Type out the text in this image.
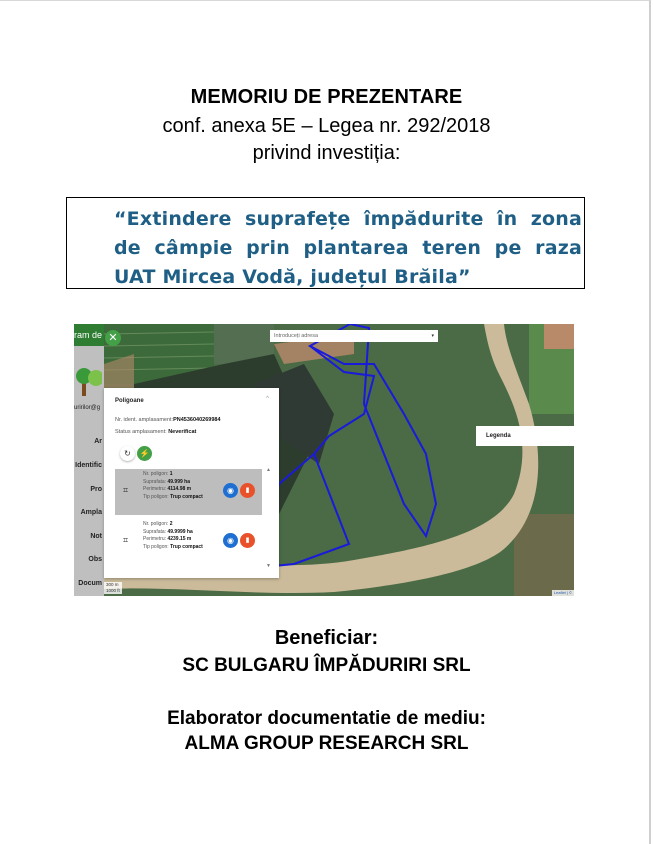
MEMORIU DE PREZENTARE
conf. anexa 5E – Legea nr. 292/2018
privind investiția:
“Extindere suprafețe împădurite în zona de câmpie prin plantarea teren pe raza UAT Mircea Vodă, județul Brăila”
ram de
uririlor@g
Ar
Identific
Pro
Ampla
Not
Obs
Docum
✕	Introduceți adresa	▾
Legenda
Poligoane	^
Nr. ident. amplasament:PN4536040269984
Status amplasament: Neverificat
↻	⚡
▲
⌗
Nr. poligon: 1
Suprafata: 49.999 ha
Perimetru: 4114.98 m
Tip poligon: Trup compact
◉	▮
⌗
Nr. poligon: 2
Suprafata: 49.9999 ha
Perimetru: 4239.15 m
Tip poligon: Trup compact
◉	▮
▼
300 m
1000 ft	Leaflet | ©
Beneficiar:
SC BULGARU ÎMPĂDURIRI SRL
Elaborator documentatie de mediu:
ALMA GROUP RESEARCH SRL
